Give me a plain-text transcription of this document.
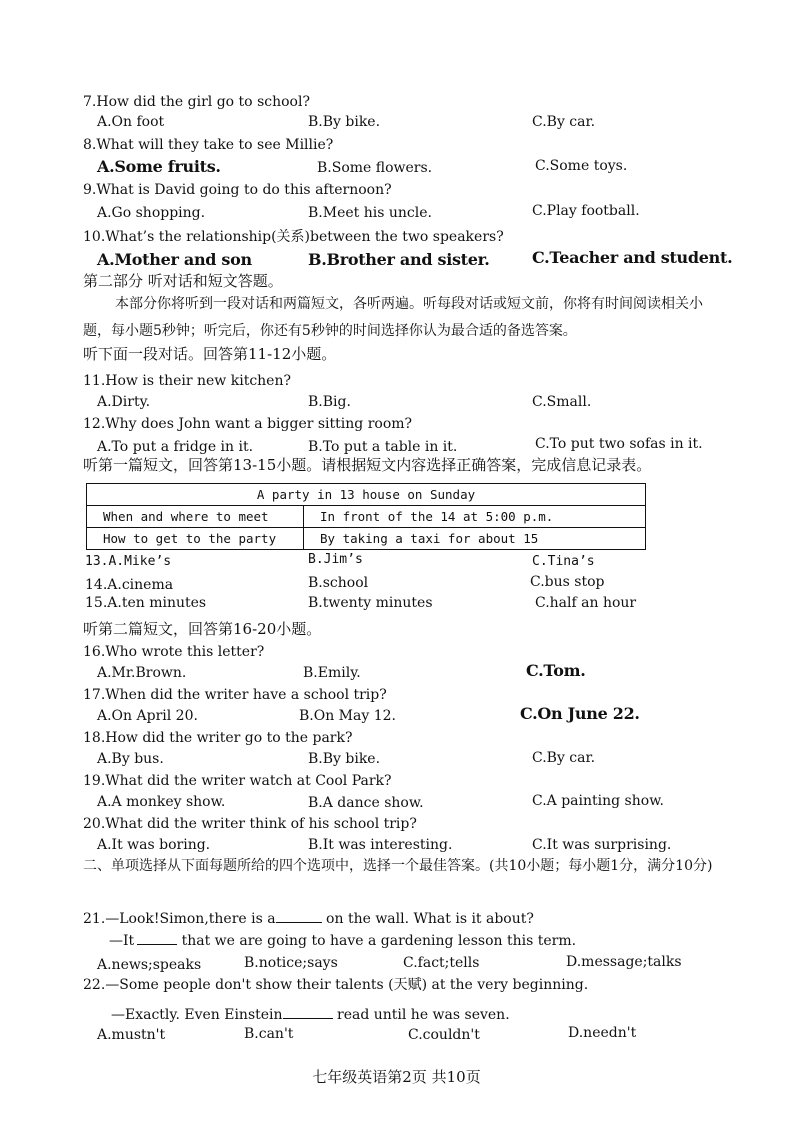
7.How did the girl go to school?
A.On foot	B.By bike.	C.By car.
8.What will they take to see Millie?
A.Some fruits.	B.Some flowers.	C.Some toys.
9.What is David going to do this afternoon?
A.Go shopping.	B.Meet his uncle.	C.Play football.
10.What’s the relationship(关系)between the two speakers?
A.Mother and son	B.Brother and sister.	C.Teacher and student.
第二部分 听对话和短文答题。
本部分你将听到一段对话和两篇短文，各听两遍。听每段对话或短文前，你将有时间阅读相关小题，每小题5秒钟；听完后，你还有5秒钟的时间选择你认为最合适的备选答案。
听下面一段对话。回答第11-12小题。
11.How is their new kitchen?
A.Dirty.	B.Big.	C.Small.
12.Why does John want a bigger sitting room?
A.To put a fridge in it.	B.To put a table in it.	C.To put two sofas in it.
听第一篇短文，回答第13-15小题。请根据短文内容选择正确答案，完成信息记录表。
A party in 13 house on Sunday	
When and where to meet	In front of the 14 at 5:00 p.m.
How to get to the party	By taking a taxi for about 15
13.A.Mike’s	B.Jim’s	C.Tina’s
14.A.cinema	B.school	C.bus stop
15.A.ten minutes	B.twenty minutes	C.half an hour
听第二篇短文，回答第16-20小题。
16.Who wrote this letter?
A.Mr.Brown.	B.Emily.	C.Tom.
17.When did the writer have a school trip?
A.On April 20.	B.On May 12.	C.On June 22.
18.How did the writer go to the park?
A.By bus.	B.By bike.	C.By car.
19.What did the writer watch at Cool Park?
A.A monkey show.	B.A dance show.	C.A painting show.
20.What did the writer think of his school trip?
A.It was boring.	B.It was interesting.	C.It was surprising.
二、单项选择从下面每题所给的四个选项中，选择一个最佳答案。(共10小题；每小题1分，满分10分)
21.—Look!Simon,there is a	on the wall. What is it about?
—It	that we are going to have a gardening lesson this term.
A.news;speaks	B.notice;says	C.fact;tells	D.message;talks
22.—Some people don't show their talents (天赋) at the very beginning.
—Exactly. Even Einstein	read until he was seven.
A.mustn't	B.can't	C.couldn't	D.needn't
七年级英语第2页 共10页
